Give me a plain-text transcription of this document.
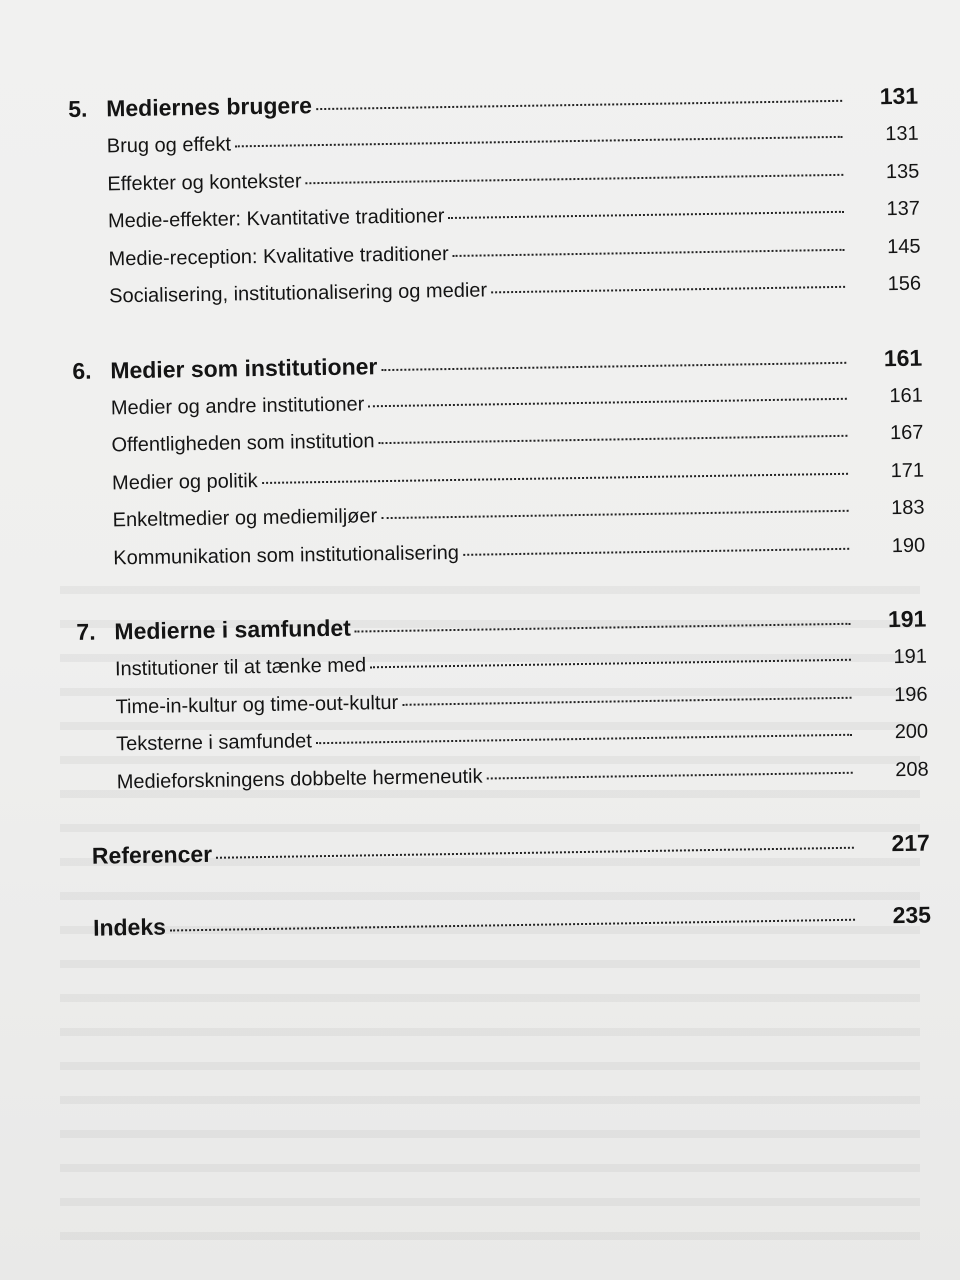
5. Mediernes brugere	131
Brug og effekt	131
Effekter og kontekster	135
Medie-effekter: Kvantitative traditioner	137
Medie-reception: Kvalitative traditioner	145
Socialisering, institutionalisering og medier	156
6. Medier som institutioner	161
Medier og andre institutioner	161
Offentligheden som institution	167
Medier og politik	171
Enkeltmedier og mediemiljøer	183
Kommunikation som institutionalisering	190
7. Medierne i samfundet	191
Institutioner til at tænke med	191
Time-in-kultur og time-out-kultur	196
Teksterne i samfundet	200
Medieforskningens dobbelte hermeneutik	208
Referencer	217
Indeks	235
